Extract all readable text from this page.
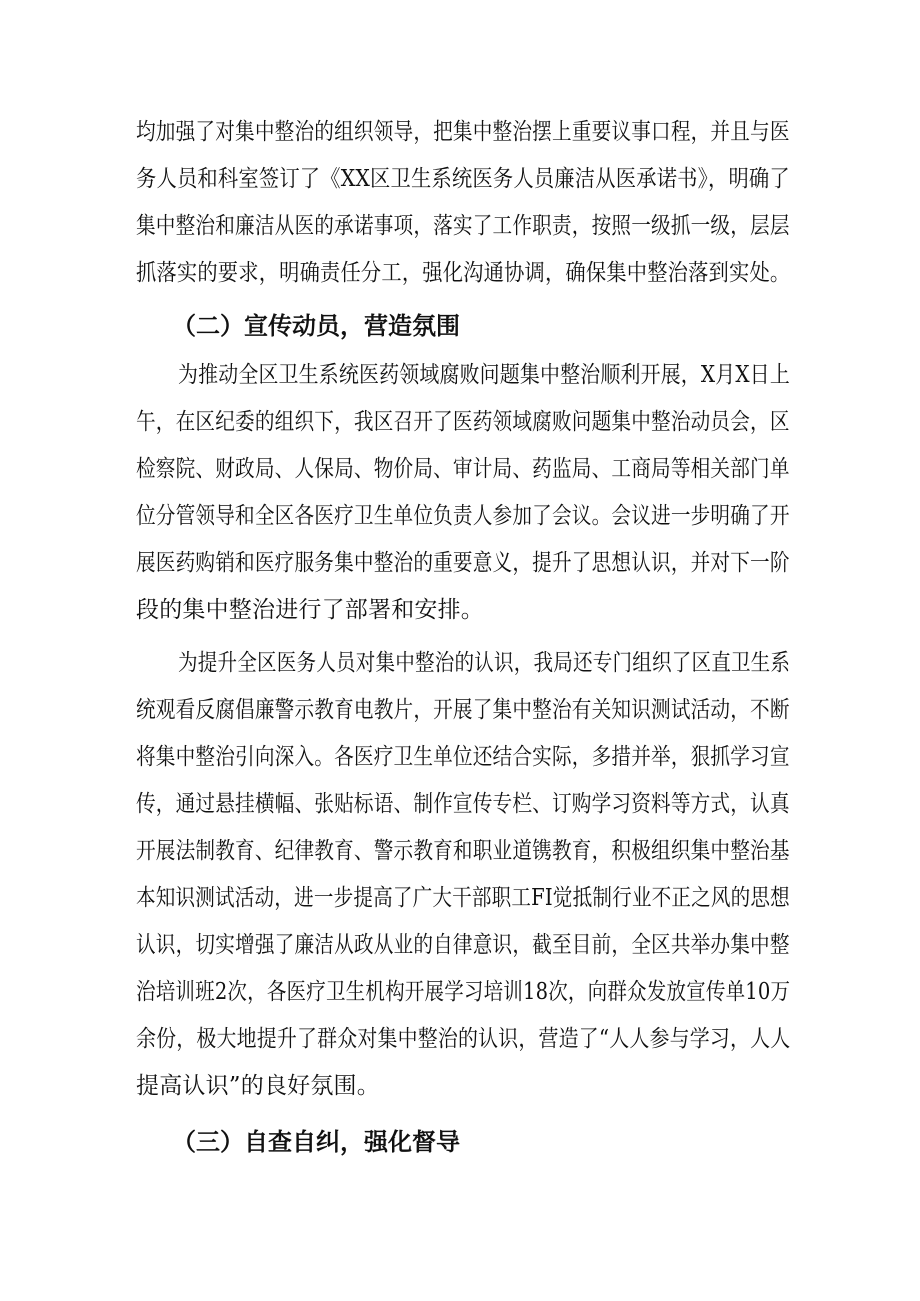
均加强了对集中整治的组织领导，把集中整治摆上重要议事口程，并且与医
务人员和科室签订了《XX区卫生系统医务人员廉洁从医承诺书》，明确了
集中整治和廉洁从医的承诺事项，落实了工作职责，按照一级抓一级，层层
抓落实的要求，明确责任分工，强化沟通协调，确保集中整治落到实处。
（二）宣传动员，营造氛围
为推动全区卫生系统医药领域腐败问题集中整治顺利开展，X月X日上
午，在区纪委的组织下，我区召开了医药领域腐败问题集中整治动员会，区
检察院、财政局、人保局、物价局、审计局、药监局、工商局等相关部门单
位分管领导和全区各医疗卫生单位负责人参加了会议。会议进一步明确了开
展医药购销和医疗服务集中整治的重要意义，提升了思想认识，并对下一阶
段的集中整治进行了部署和安排。
为提升全区医务人员对集中整治的认识，我局还专门组织了区直卫生系
统观看反腐倡廉警示教育电教片，开展了集中整治有关知识测试活动，不断
将集中整治引向深入。各医疗卫生单位还结合实际，多措并举，狠抓学习宣
传，通过悬挂横幅、张贴标语、制作宣传专栏、订购学习资料等方式，认真
开展法制教育、纪律教育、警示教育和职业道镌教育，积极组织集中整治基
本知识测试活动，进一步提高了广大干部职工FI觉抵制行业不正之风的思想
认识，切实增强了廉洁从政从业的自律意识，截至目前，全区共举办集中整
治培训班2次，各医疗卫生机构开展学习培训18次，向群众发放宣传单10万
余份，极大地提升了群众对集中整治的认识，营造了“人人参与学习，人人
提高认识”的良好氛围。
（三）自查自纠，强化督导
